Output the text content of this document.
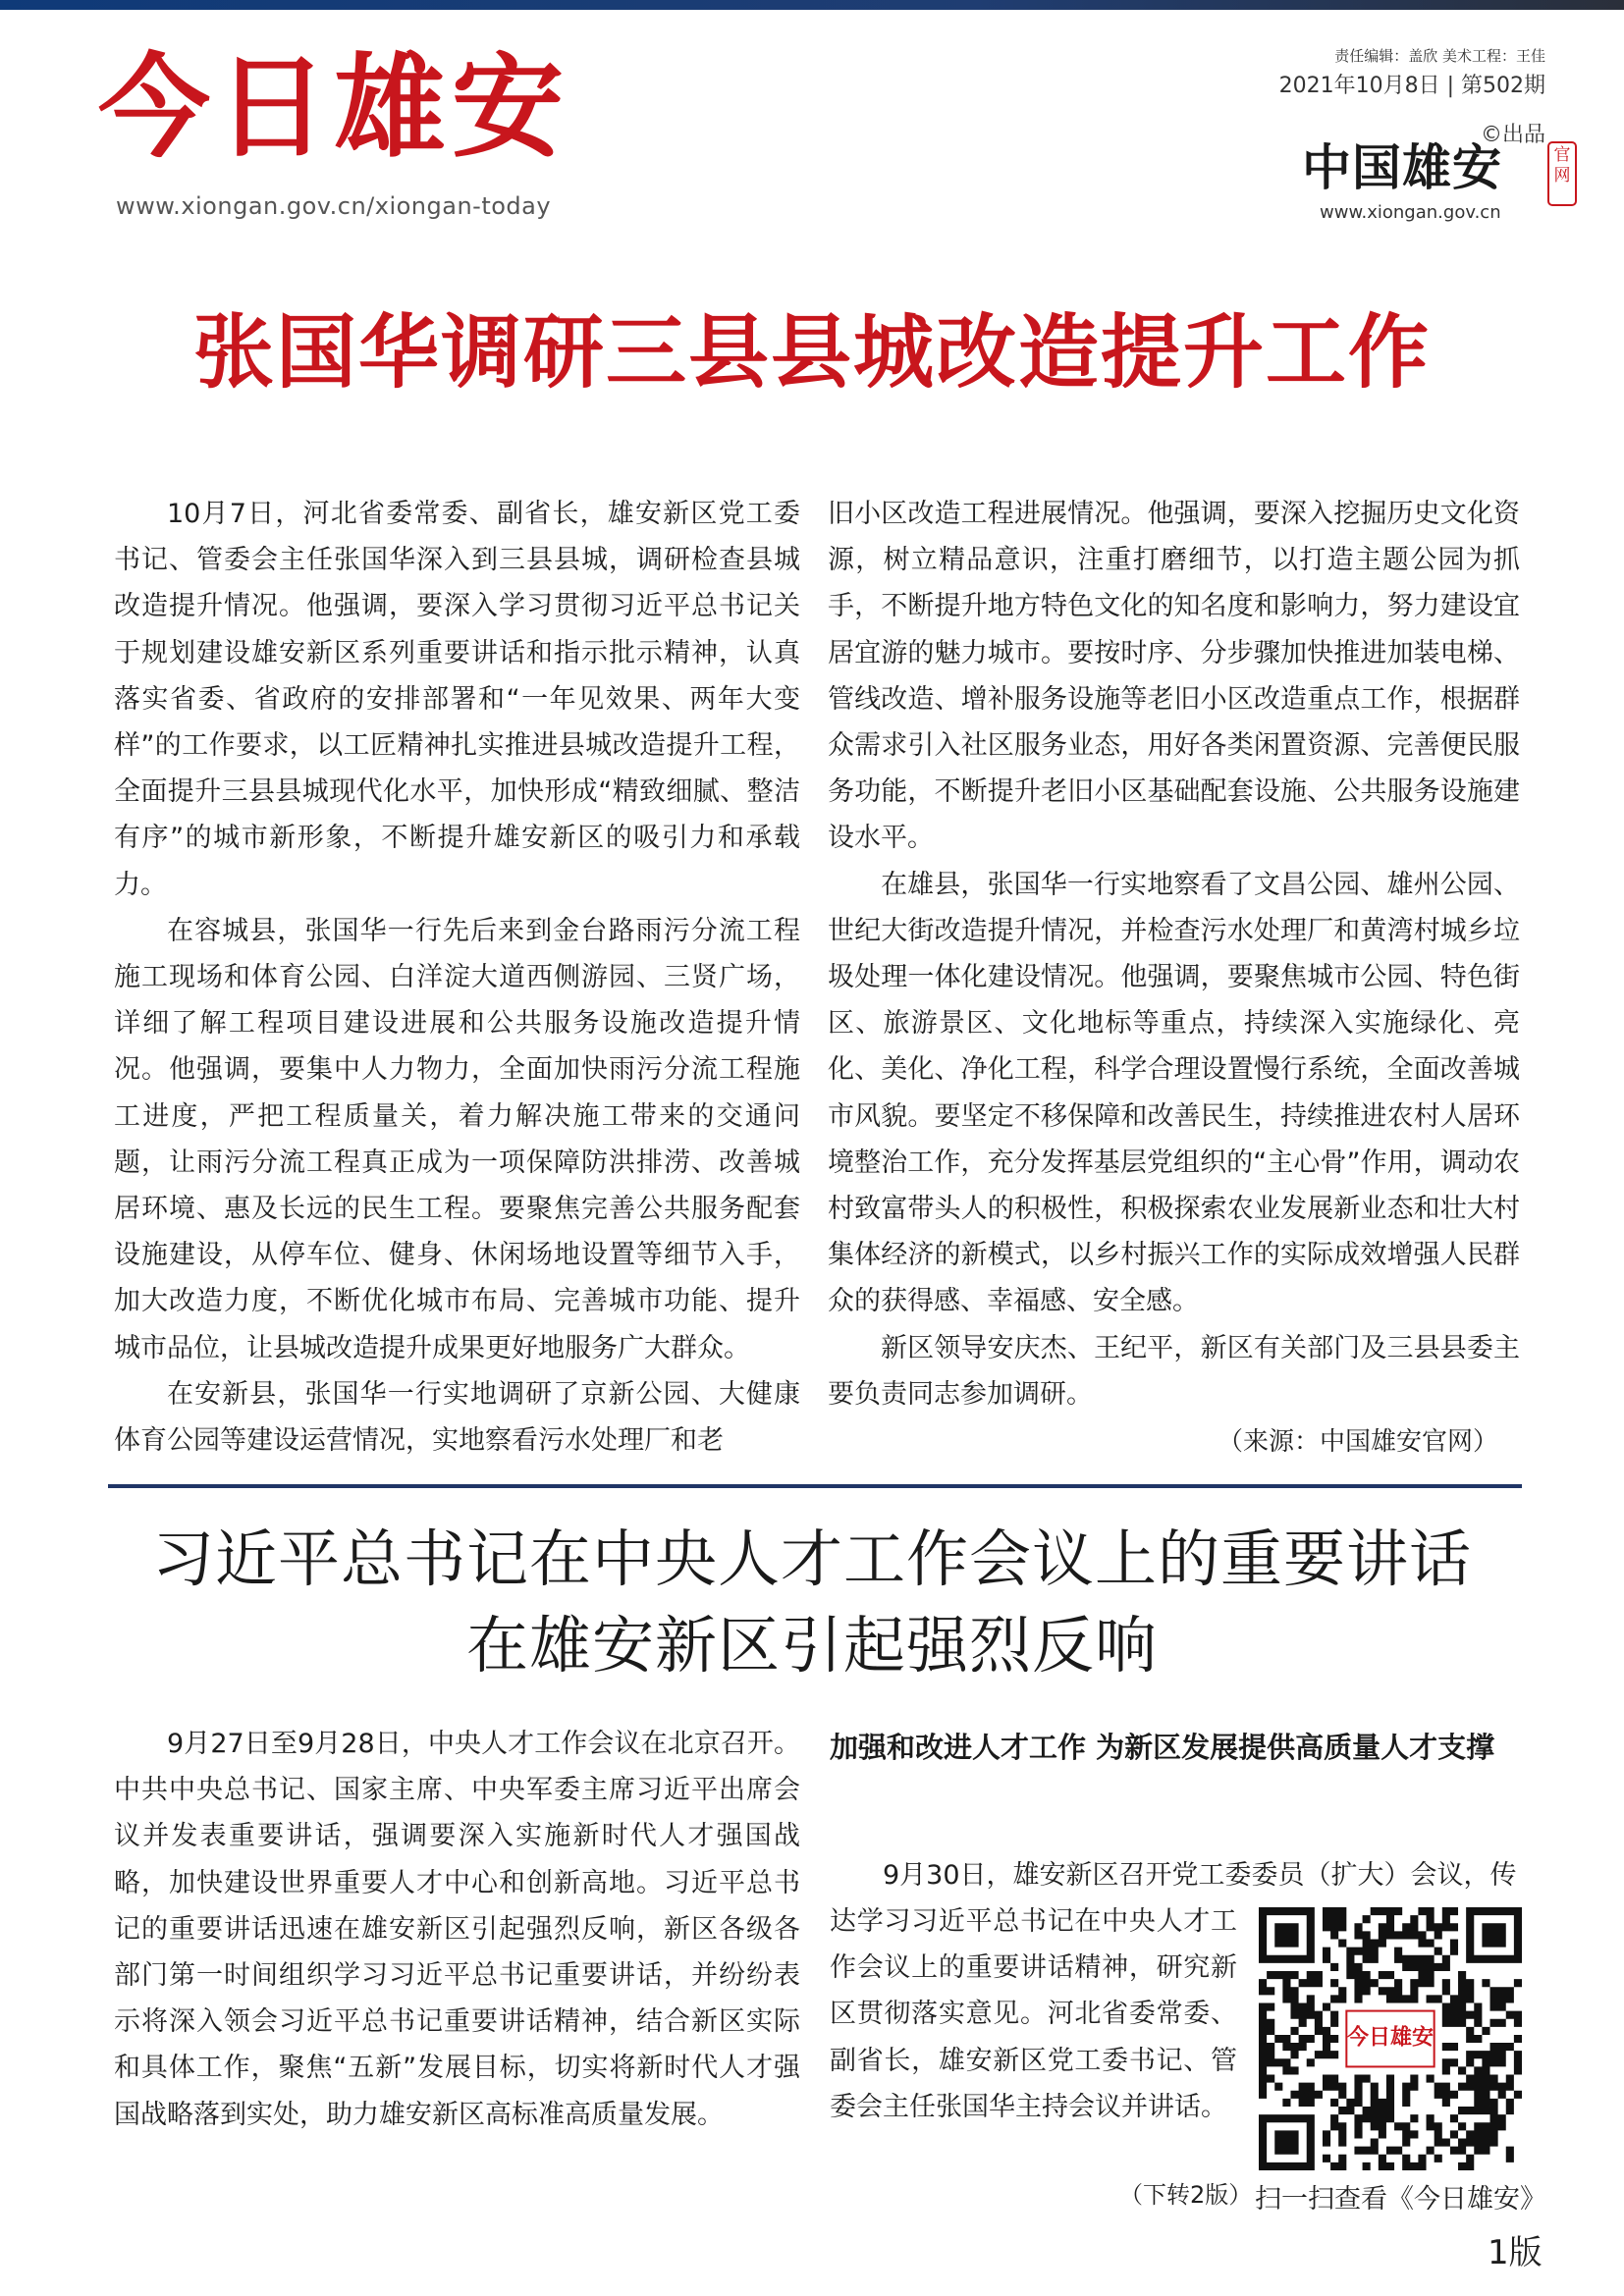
今日雄安
www.xiongan.gov.cn/xiongan-today
责任编辑：盖欣 美术工程：王佳
2021年10月8日 | 第502期
©出品
中国雄安	官网
www.xiongan.gov.cn
张国华调研三县县城改造提升工作

10月7日，河北省委常委、副省长，雄安新区党工委书记、管委会主任张国华深入到三县县城，调研检查县城改造提升情况。他强调，要深入学习贯彻习近平总书记关于规划建设雄安新区系列重要讲话和指示批示精神，认真落实省委、省政府的安排部署和“一年见效果、两年大变样”的工作要求，以工匠精神扎实推进县城改造提升工程，全面提升三县县城现代化水平，加快形成“精致细腻、整洁有序”的城市新形象，不断提升雄安新区的吸引力和承载力。

在容城县，张国华一行先后来到金台路雨污分流工程施工现场和体育公园、白洋淀大道西侧游园、三贤广场，详细了解工程项目建设进展和公共服务设施改造提升情况。他强调，要集中人力物力，全面加快雨污分流工程施工进度，严把工程质量关，着力解决施工带来的交通问题，让雨污分流工程真正成为一项保障防洪排涝、改善城居环境、惠及长远的民生工程。要聚焦完善公共服务配套设施建设，从停车位、健身、休闲场地设置等细节入手，加大改造力度，不断优化城市布局、完善城市功能、提升城市品位，让县城改造提升成果更好地服务广大群众。

在安新县，张国华一行实地调研了京新公园、大健康体育公园等建设运营情况，实地察看污水处理厂和老

旧小区改造工程进展情况。他强调，要深入挖掘历史文化资源，树立精品意识，注重打磨细节，以打造主题公园为抓手，不断提升地方特色文化的知名度和影响力，努力建设宜居宜游的魅力城市。要按时序、分步骤加快推进加装电梯、管线改造、增补服务设施等老旧小区改造重点工作，根据群众需求引入社区服务业态，用好各类闲置资源、完善便民服务功能，不断提升老旧小区基础配套设施、公共服务设施建设水平。

在雄县，张国华一行实地察看了文昌公园、雄州公园、世纪大街改造提升情况，并检查污水处理厂和黄湾村城乡垃圾处理一体化建设情况。他强调，要聚焦城市公园、特色街区、旅游景区、文化地标等重点，持续深入实施绿化、亮化、美化、净化工程，科学合理设置慢行系统，全面改善城市风貌。要坚定不移保障和改善民生，持续推进农村人居环境整治工作，充分发挥基层党组织的“主心骨”作用，调动农村致富带头人的积极性，积极探索农业发展新业态和壮大村集体经济的新模式，以乡村振兴工作的实际成效增强人民群众的获得感、幸福感、安全感。

新区领导安庆杰、王纪平，新区有关部门及三县县委主要负责同志参加调研。

（来源：中国雄安官网）
习近平总书记在中央人才工作会议上的重要讲话
在雄安新区引起强烈反响

9月27日至9月28日，中央人才工作会议在北京召开。中共中央总书记、国家主席、中央军委主席习近平出席会议并发表重要讲话，强调要深入实施新时代人才强国战略，加快建设世界重要人才中心和创新高地。习近平总书记的重要讲话迅速在雄安新区引起强烈反响，新区各级各部门第一时间组织学习习近平总书记重要讲话，并纷纷表示将深入领会习近平总书记重要讲话精神，结合新区实际和具体工作，聚焦“五新”发展目标，切实将新时代人才强国战略落到实处，助力雄安新区高标准高质量发展。

加强和改进人才工作 为新区发展提供高质量人才支撑

9月30日，雄安新区召开党工委委员（扩大）会议，传

达学习习近平总书记在中央人才工作会议上的重要讲话精神，研究新区贯彻落实意见。河北省委常委、副省长，雄安新区党工委书记、管委会主任张国华主持会议并讲话。

今日雄安
扫一扫查看《今日雄安》
（下转2版）
1版
